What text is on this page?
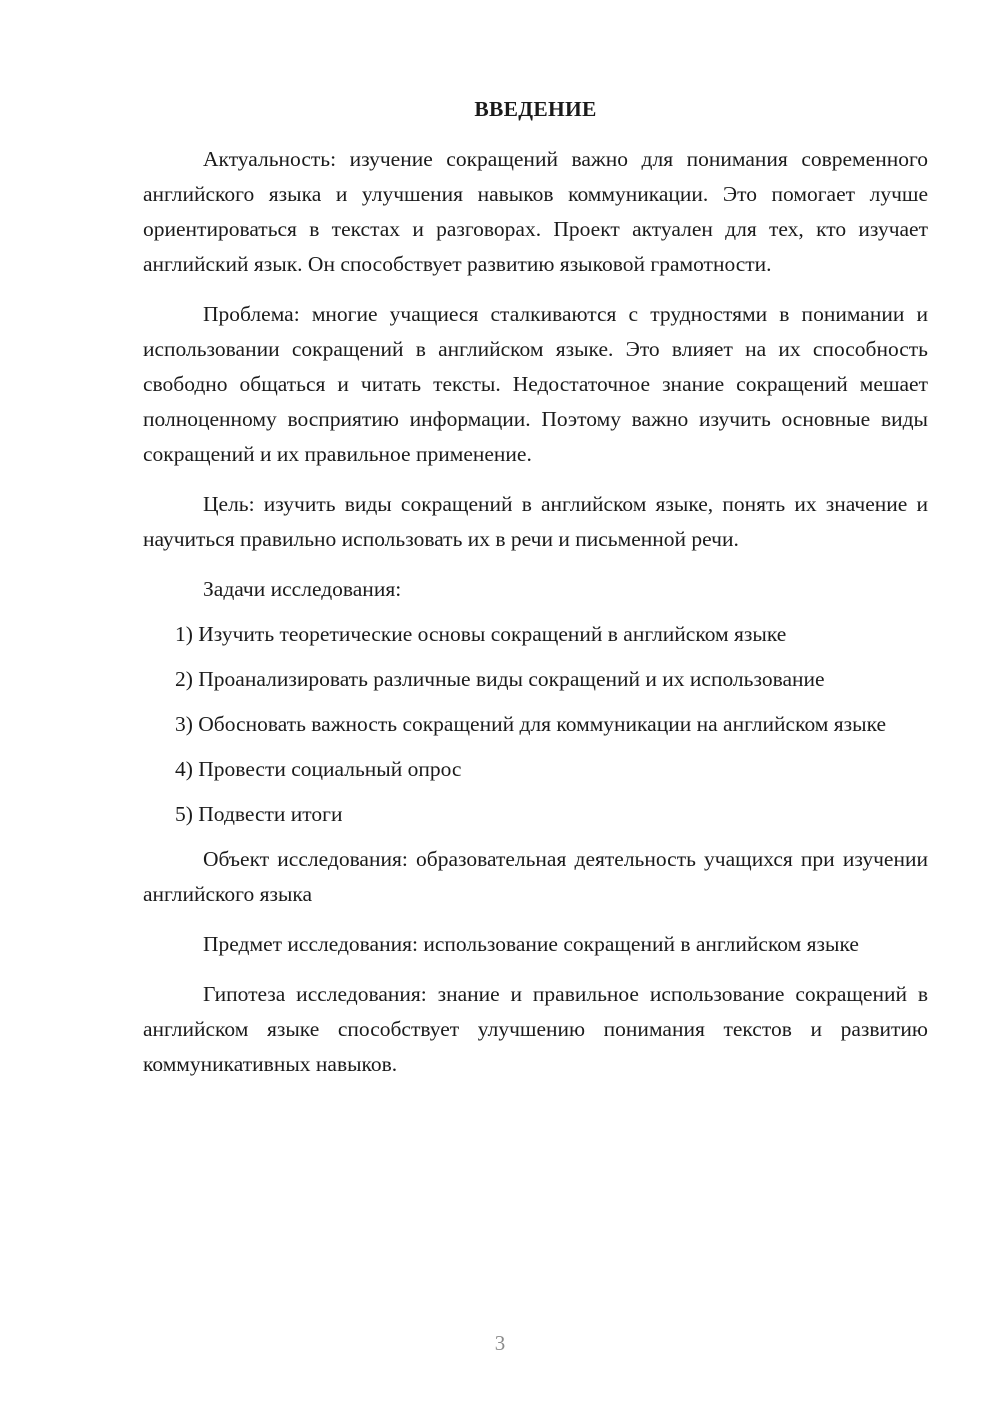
ВВЕДЕНИЕ

Актуальность: изучение сокращений важно для понимания современного английского языка и улучшения навыков коммуникации. Это помогает лучше ориентироваться в текстах и разговорах. Проект актуален для тех, кто изучает английский язык. Он способствует развитию языковой грамотности.

Проблема: многие учащиеся сталкиваются с трудностями в понимании и использовании сокращений в английском языке. Это влияет на их способность свободно общаться и читать тексты. Недостаточное знание сокращений мешает полноценному восприятию информации. Поэтому важно изучить основные виды сокращений и их правильное применение.

Цель: изучить виды сокращений в английском языке, понять их значение и научиться правильно использовать их в речи и письменной речи.

Задачи исследования:

1) Изучить теоретические основы сокращений в английском языке

2) Проанализировать различные виды сокращений и их использование

3) Обосновать важность сокращений для коммуникации на английском языке

4) Провести социальный опрос

5) Подвести итоги

Объект исследования: образовательная деятельность учащихся при изучении английского языка

Предмет исследования: использование сокращений в английском языке

Гипотеза исследования: знание и правильное использование сокращений в английском языке способствует улучшению понимания текстов и развитию коммуникативных навыков.

3
